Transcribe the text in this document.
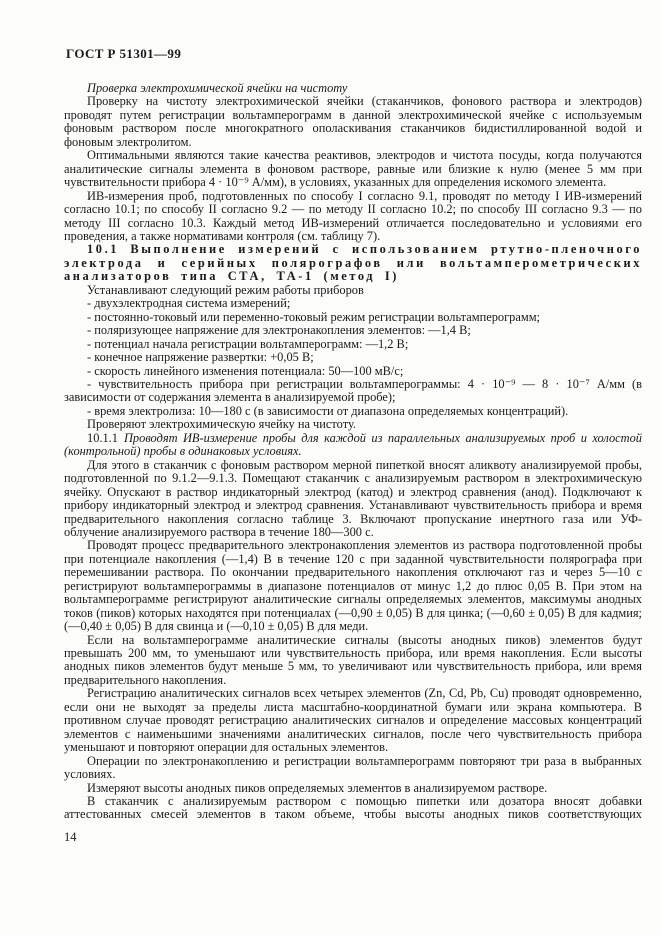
ГОСТ Р 51301—99

Проверка электрохимической ячейки на чистоту

Проверку на чистоту электрохимической ячейки (стаканчиков, фонового раствора и электродов) проводят путем регистрации вольтамперограмм в данной электрохимической ячейке с используемым фоновым раствором после многократного ополаскивания стаканчиков бидистиллированной водой и фоновым электролитом.

Оптимальными являются такие качества реактивов, электродов и чистота посуды, когда получаются аналитические сигналы элемента в фоновом растворе, равные или близкие к нулю (менее 5 мм при чувствительности прибора 4 · 10⁻⁹ А/мм), в условиях, указанных для определения искомого элемента.

ИВ-измерения проб, подготовленных по способу I согласно 9.1, проводят по методу I ИВ-измерений согласно 10.1; по способу II согласно 9.2 — по методу II согласно 10.2; по способу III согласно 9.3 — по методу III согласно 10.3. Каждый метод ИВ-измерений отличается последовательно и условиями его проведения, а также нормативами контроля (см. таблицу 7).

10.1 Выполнение измерений с использованием ртутно-пленочного электрода и серийных полярографов или вольтамперометрических анализаторов типа СТА, ТА-1 (метод I)

Устанавливают следующий режим работы приборов

- двухэлектродная система измерений;

- постоянно-токовый или переменно-токовый режим регистрации вольтамперограмм;

- поляризующее напряжение для электронакопления элементов: —1,4 В;

- потенциал начала регистрации вольтамперограмм: —1,2 В;

- конечное напряжение развертки: +0,05 В;

- скорость линейного изменения потенциала: 50—100 мВ/с;

- чувствительность прибора при регистрации вольтамперограммы: 4 · 10⁻⁹ — 8 · 10⁻⁷ А/мм (в зависимости от содержания элемента в анализируемой пробе);

- время электролиза: 10—180 с (в зависимости от диапазона определяемых концентраций).

Проверяют электрохимическую ячейку на чистоту.

10.1.1 Проводят ИВ-измерение пробы для каждой из параллельных анализируемых проб и холостой (контрольной) пробы в одинаковых условиях.

Для этого в стаканчик с фоновым раствором мерной пипеткой вносят аликвоту анализируемой пробы, подготовленной по 9.1.2—9.1.3. Помещают стаканчик с анализируемым раствором в электрохимическую ячейку. Опускают в раствор индикаторный электрод (катод) и электрод сравнения (анод). Подключают к прибору индикаторный электрод и электрод сравнения. Устанавливают чувствительность прибора и время предварительного накопления согласно таблице 3. Включают пропускание инертного газа или УФ-облучение анализируемого раствора в течение 180—300 с.

Проводят процесс предварительного электронакопления элементов из раствора подготовленной пробы при потенциале накопления (—1,4) В в течение 120 с при заданной чувствительности полярографа при перемешивании раствора. По окончании предварительного накопления отключают газ и через 5—10 с регистрируют вольтамперограммы в диапазоне потенциалов от минус 1,2 до плюс 0,05 В. При этом на вольтамперограмме регистрируют аналитические сигналы определяемых элементов, максимумы анодных токов (пиков) которых находятся при потенциалах (—0,90 ± 0,05) В для цинка; (—0,60 ± 0,05) В для кадмия; (—0,40 ± 0,05) В для свинца и (—0,10 ± 0,05) В для меди.

Если на вольтамперограмме аналитические сигналы (высоты анодных пиков) элементов будут превышать 200 мм, то уменьшают или чувствительность прибора, или время накопления. Если высоты анодных пиков элементов будут меньше 5 мм, то увеличивают или чувствительность прибора, или время предварительного накопления.

Регистрацию аналитических сигналов всех четырех элементов (Zn, Cd, Pb, Cu) проводят одновременно, если они не выходят за пределы листа масштабно-координатной бумаги или экрана компьютера. В противном случае проводят регистрацию аналитических сигналов и определение массовых концентраций элементов с наименьшими значениями аналитических сигналов, после чего чувствительность прибора уменьшают и повторяют операции для остальных элементов.

Операции по электронакоплению и регистрации вольтамперограмм повторяют три раза в выбранных условиях.

Измеряют высоты анодных пиков определяемых элементов в анализируемом растворе.

В стаканчик с анализируемым раствором с помощью пипетки или дозатора вносят добавки аттестованных смесей элементов в таком объеме, чтобы высоты анодных пиков соответствующих

14
